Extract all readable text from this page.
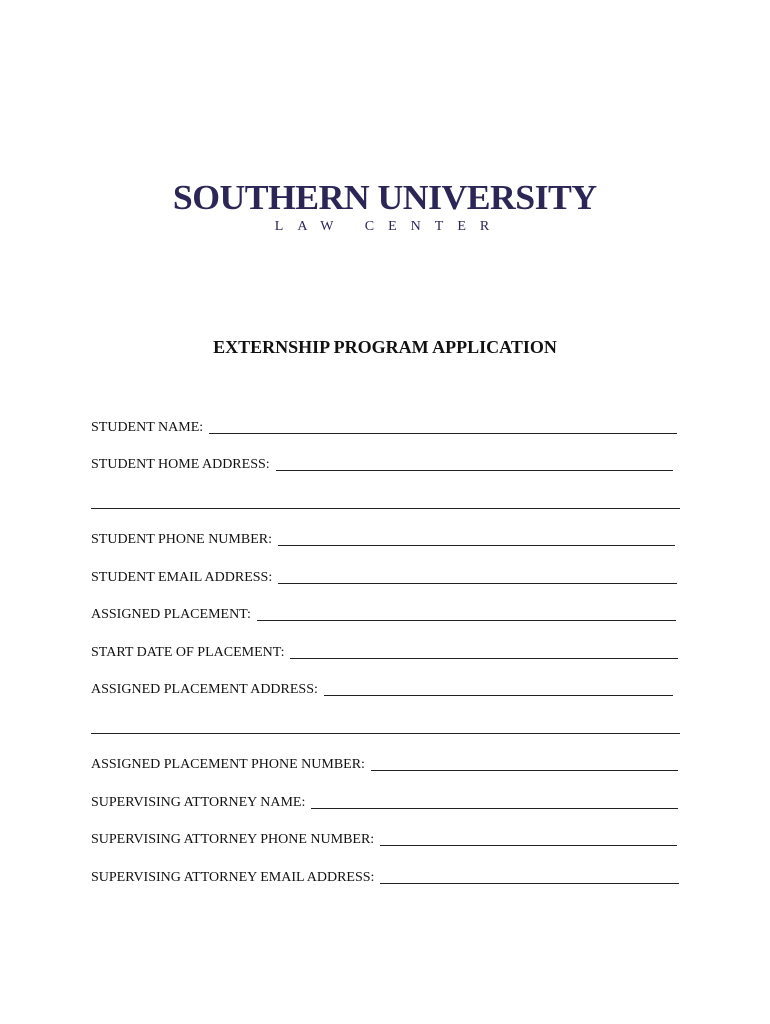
SOUTHERN UNIVERSITY
LAW CENTER
EXTERNSHIP PROGRAM APPLICATION
STUDENT NAME:
STUDENT HOME ADDRESS:
STUDENT PHONE NUMBER:
STUDENT EMAIL ADDRESS:
ASSIGNED PLACEMENT:
START DATE OF PLACEMENT:
ASSIGNED PLACEMENT ADDRESS:
ASSIGNED PLACEMENT PHONE NUMBER:
SUPERVISING ATTORNEY NAME:
SUPERVISING ATTORNEY PHONE NUMBER:
SUPERVISING ATTORNEY EMAIL ADDRESS:
